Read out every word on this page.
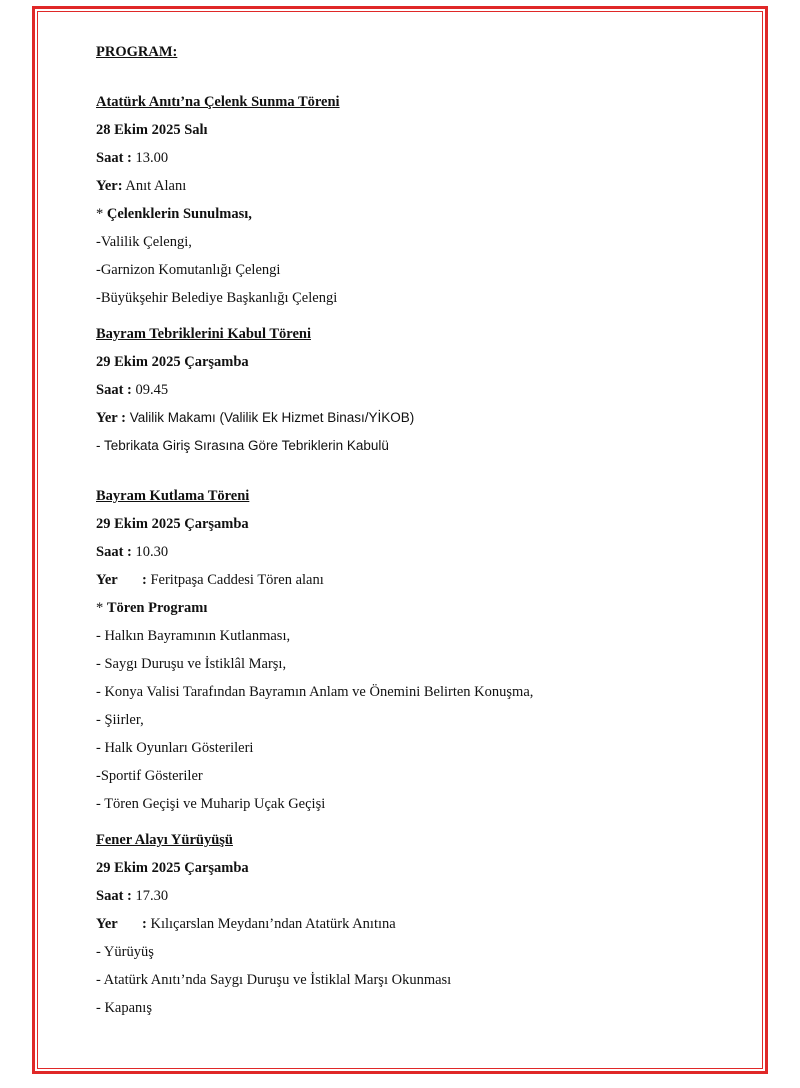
PROGRAM:
Atatürk Anıtı’na Çelenk Sunma Töreni
28 Ekim 2025 Salı
Saat : 13.00
Yer: Anıt Alanı
* Çelenklerin Sunulması,
-Valilik Çelengi,
-Garnizon Komutanlığı Çelengi
-Büyükşehir Belediye Başkanlığı Çelengi
Bayram Tebriklerini Kabul Töreni
29 Ekim 2025 Çarşamba
Saat : 09.45
Yer : Valilik Makamı (Valilik Ek Hizmet Binası/YİKOB)
- Tebrikata Giriş Sırasına Göre Tebriklerin Kabulü
Bayram Kutlama Töreni
29 Ekim 2025 Çarşamba
Saat : 10.30
Yer : Feritpaşa Caddesi Tören alanı
* Tören Programı
- Halkın Bayramının Kutlanması,
- Saygı Duruşu ve İstiklâl Marşı,
- Konya Valisi Tarafından Bayramın Anlam ve Önemini Belirten Konuşma,
- Şiirler,
- Halk Oyunları Gösterileri
-Sportif Gösteriler
- Tören Geçişi ve Muharip Uçak Geçişi
Fener Alayı Yürüyüşü
29 Ekim 2025 Çarşamba
Saat : 17.30
Yer : Kılıçarslan Meydanı’ndan Atatürk Anıtına
- Yürüyüş
- Atatürk Anıtı’nda Saygı Duruşu ve İstiklal Marşı Okunması
- Kapanış
